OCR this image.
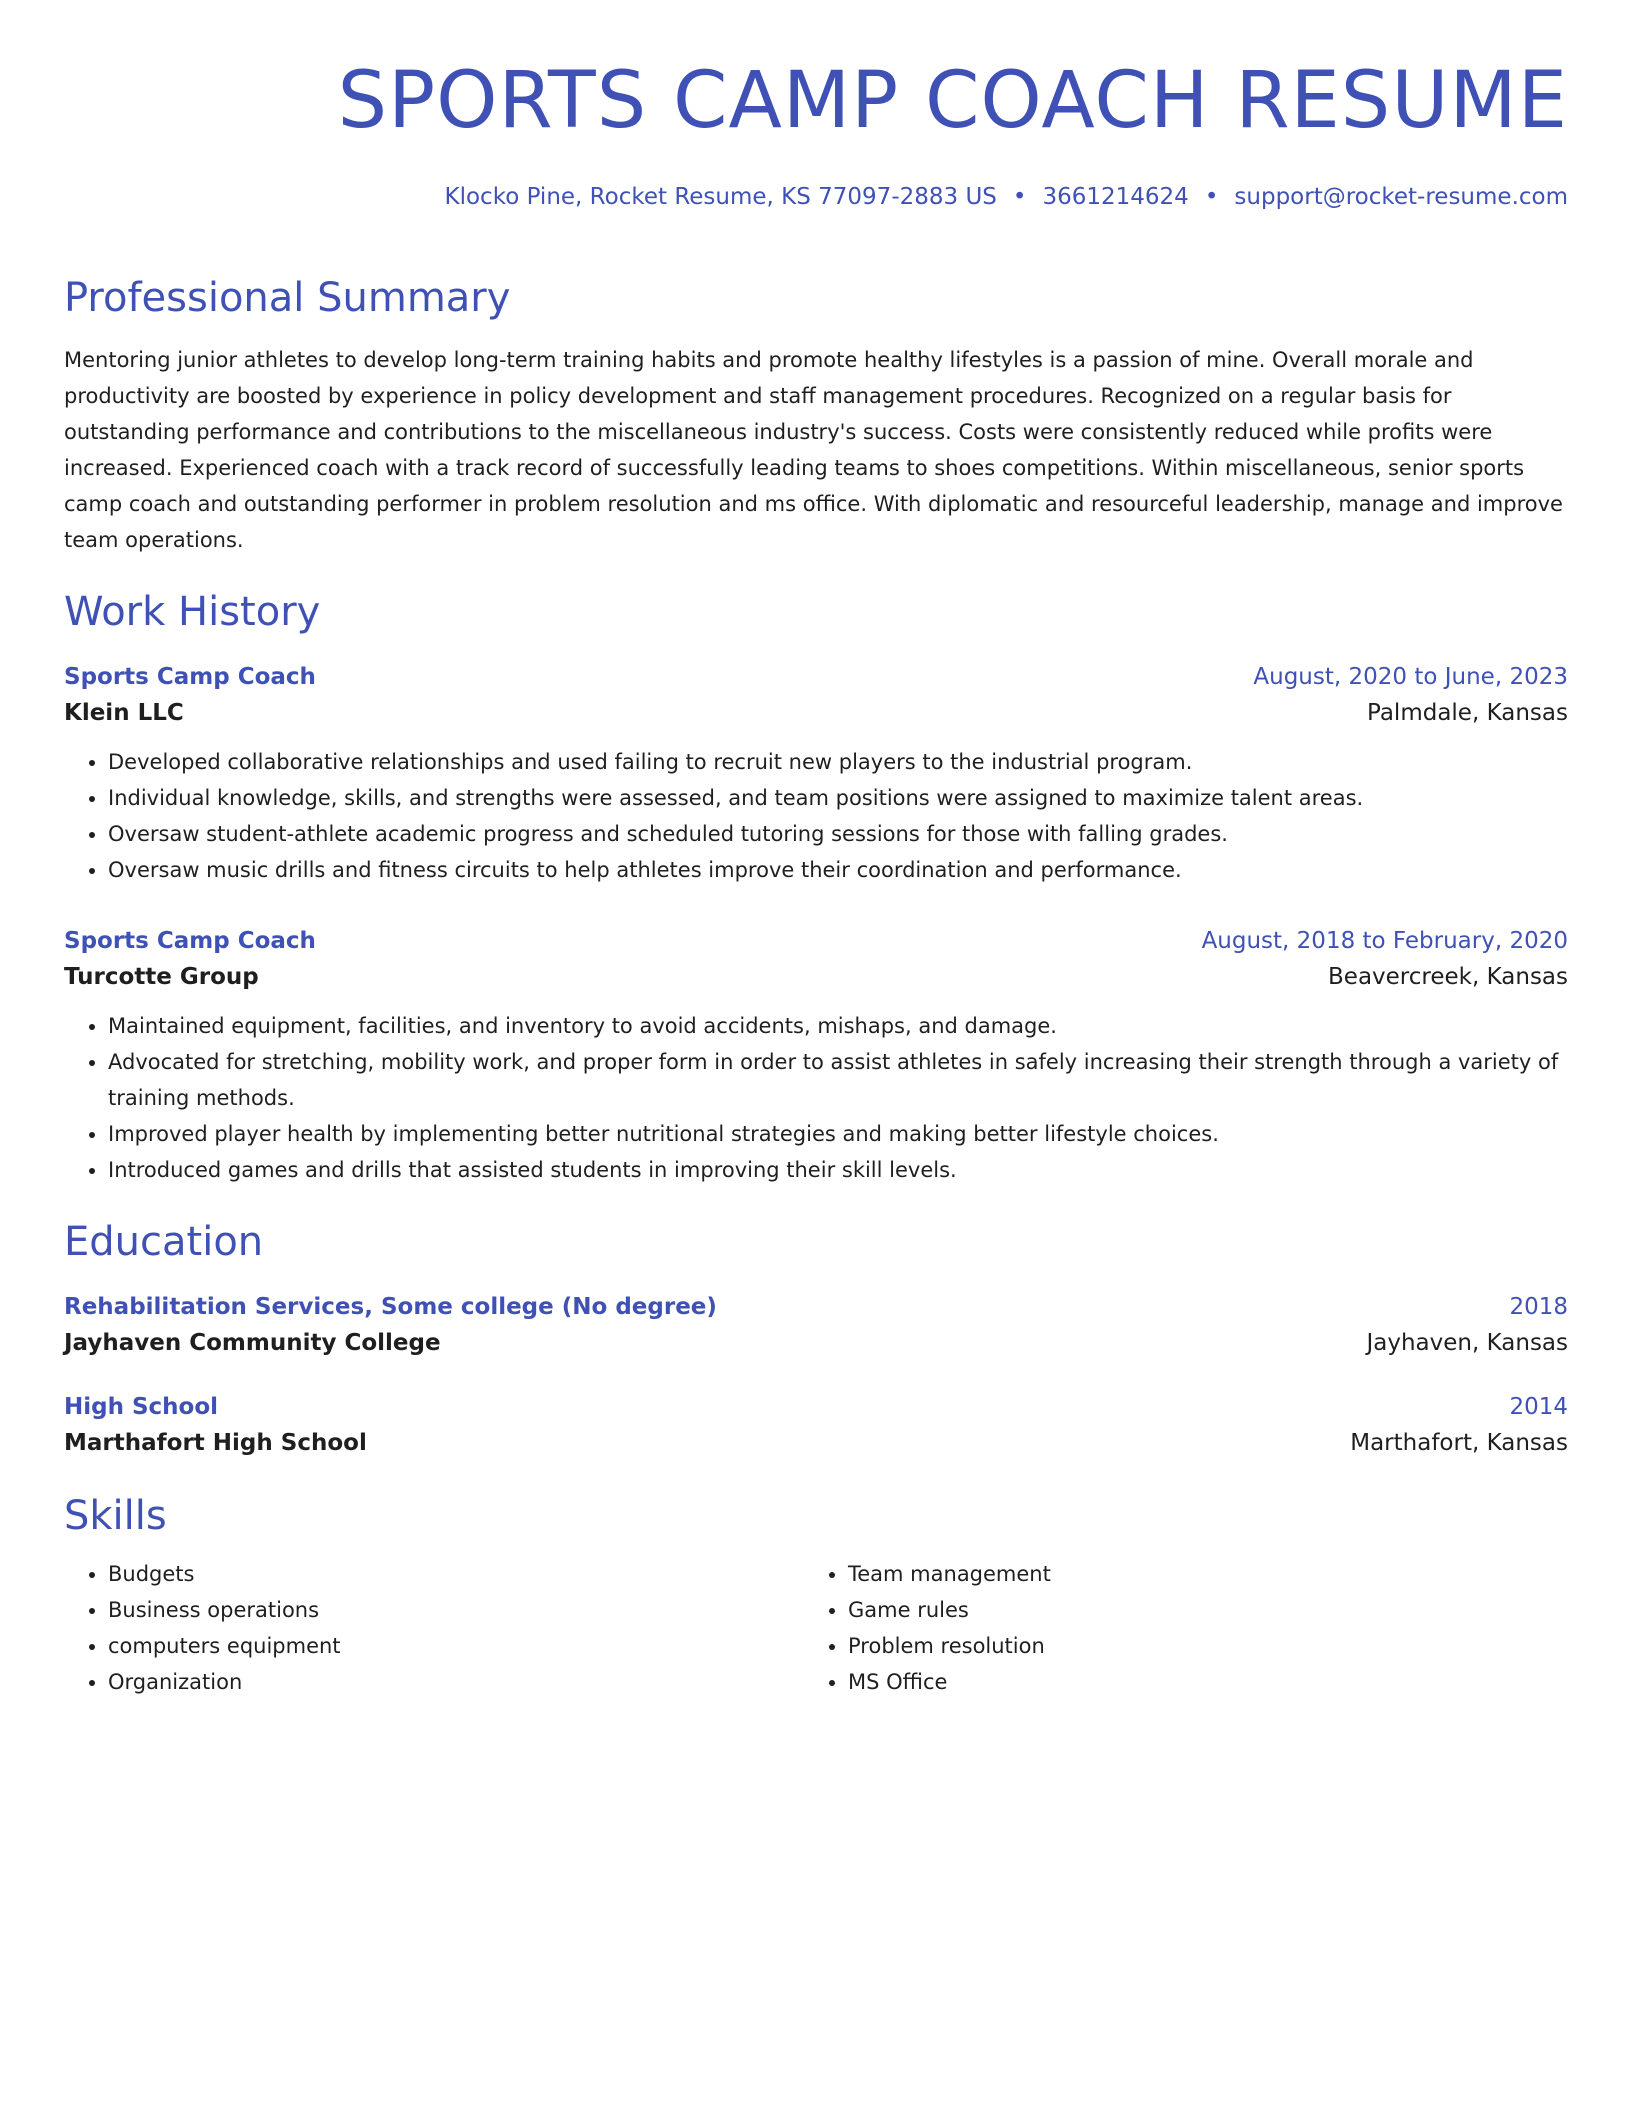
SPORTS CAMP COACH RESUME
Klocko Pine, Rocket Resume, KS 77097-2883 US • 3661214624 • support@rocket-resume.com
Professional Summary

Mentoring junior athletes to develop long-term training habits and promote healthy lifestyles is a passion of mine. Overall morale and productivity are boosted by experience in policy development and staff management procedures. Recognized on a regular basis for outstanding performance and contributions to the miscellaneous industry's success. Costs were consistently reduced while profits were increased. Experienced coach with a track record of successfully leading teams to shoes competitions. Within miscellaneous, senior sports camp coach and outstanding performer in problem resolution and ms office. With diplomatic and resourceful leadership, manage and improve team operations.

Work History
Sports Camp Coach	August, 2020 to June, 2023
Klein LLC	Palmdale, Kansas
• Developed collaborative relationships and used failing to recruit new players to the industrial program.
• Individual knowledge, skills, and strengths were assessed, and team positions were assigned to maximize talent areas.
• Oversaw student-athlete academic progress and scheduled tutoring sessions for those with falling grades.
• Oversaw music drills and fitness circuits to help athletes improve their coordination and performance.
Sports Camp Coach	August, 2018 to February, 2020
Turcotte Group	Beavercreek, Kansas
• Maintained equipment, facilities, and inventory to avoid accidents, mishaps, and damage.
• Advocated for stretching, mobility work, and proper form in order to assist athletes in safely increasing their strength through a variety of training methods.
• Improved player health by implementing better nutritional strategies and making better lifestyle choices.
• Introduced games and drills that assisted students in improving their skill levels.
Education
Rehabilitation Services, Some college (No degree)	2018
Jayhaven Community College	Jayhaven, Kansas
High School	2014
Marthafort High School	Marthafort, Kansas
Skills
• Budgets
• Business operations
• computers equipment
• Organization
• Team management
• Game rules
• Problem resolution
• MS Office
